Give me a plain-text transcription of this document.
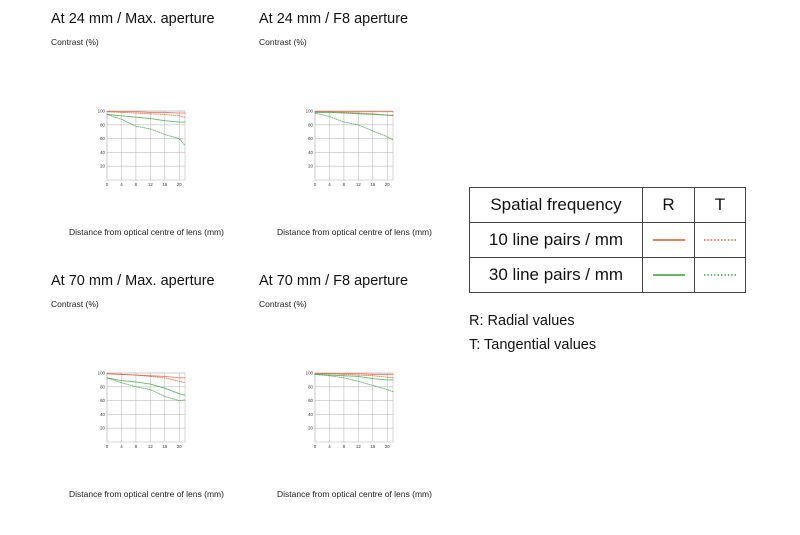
At 24 mm / Max. aperture
Contrast (%)
20
40
60
80
100
0	4	8 12 16 20
Distance from optical centre of lens (mm)
At 24 mm / F8 aperture
Contrast (%)
20
40
60
80
100
0	4	8 12 16 20
Distance from optical centre of lens (mm)
At 70 mm / Max. aperture
Contrast (%)
20
40
60
80
100
0	4	8 12 16 20
Distance from optical centre of lens (mm)
At 70 mm / F8 aperture
Contrast (%)
20
40
60
80
100
0	4	8 12 16 20
Distance from optical centre of lens (mm)
Spatial frequency	R	T
10 line pairs / mm	

30 line pairs / mm	

R: Radial values
T: Tangential values
